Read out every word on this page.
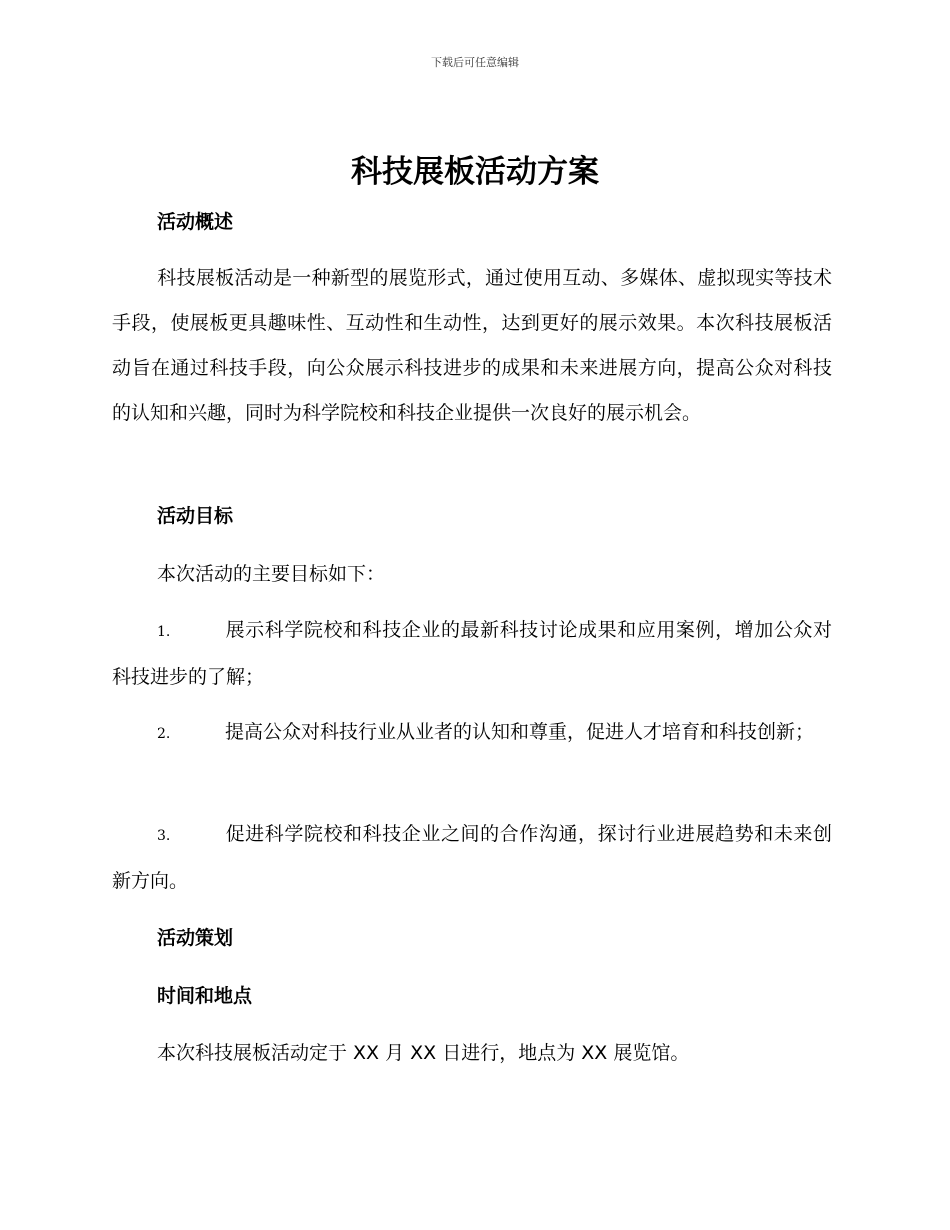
下载后可任意编辑
科技展板活动方案
活动概述
科技展板活动是一种新型的展览形式，通过使用互动、多媒体、虚拟现实等技术手段，使展板更具趣味性、互动性和生动性，达到更好的展示效果。本次科技展板活动旨在通过科技手段，向公众展示科技进步的成果和未来进展方向，提高公众对科技的认知和兴趣，同时为科学院校和科技企业提供一次良好的展示机会。
活动目标
本次活动的主要目标如下：
1.	展示科学院校和科技企业的最新科技讨论成果和应用案例，增加公众对科技进步的了解；
2.	提高公众对科技行业从业者的认知和尊重，促进人才培育和科技创新；
3.	促进科学院校和科技企业之间的合作沟通，探讨行业进展趋势和未来创新方向。
活动策划
时间和地点
本次科技展板活动定于 XX 月 XX 日进行，地点为 XX 展览馆。
